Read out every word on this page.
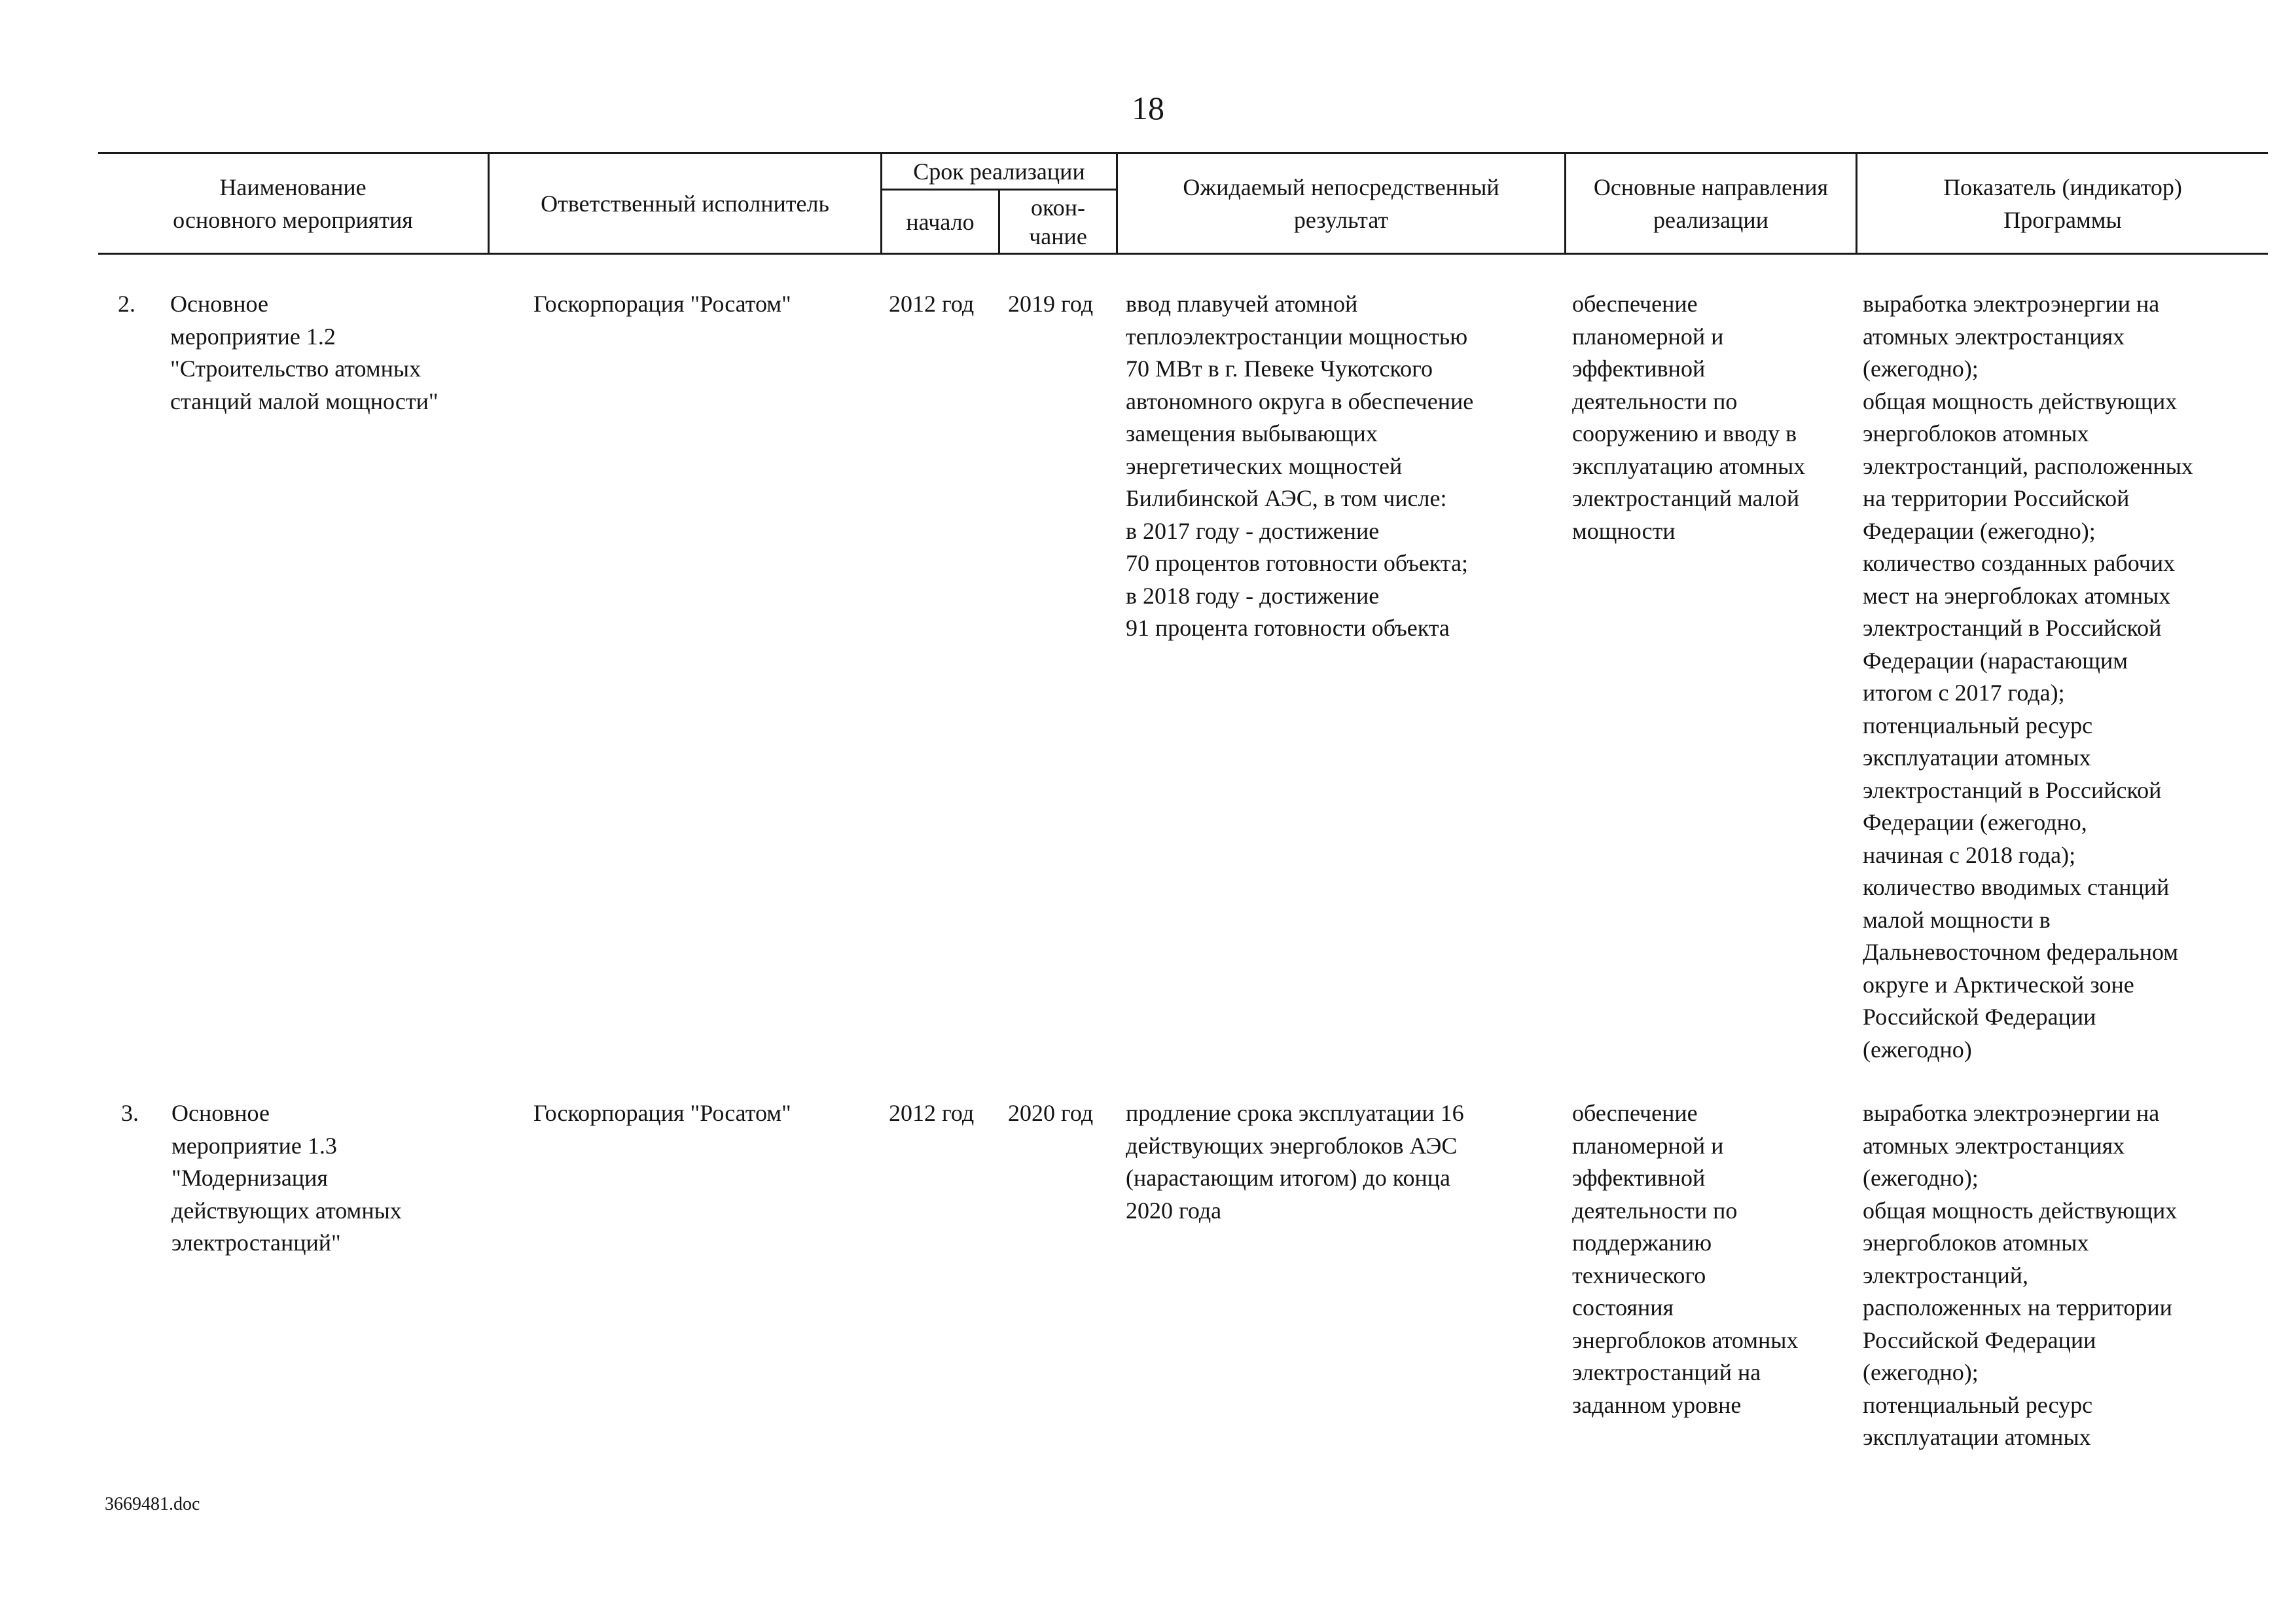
18
Наименование
основного мероприятия
Ответственный исполнитель
Срок реализации
начало
окон-
чание
Ожидаемый непосредственный
результат
Основные направления
реализации
Показатель (индикатор)
Программы
2. Основное
мероприятие 1.2
"Строительство атомных
станций малой мощности"
Госкорпорация "Росатом"	2012 год 2019 год ввод плавучей атомной
теплоэлектростанции мощностью
70 МВт в г. Певеке Чукотского
автономного округа в обеспечение
замещения выбывающих
энергетических мощностей
Билибинской АЭС, в том числе:
в 2017 году - достижение
70 процентов готовности объекта;
в 2018 году - достижение
91 процента готовности объекта
обеспечение
планомерной и
эффективной
деятельности по
сооружению и вводу в
эксплуатацию атомных
электростанций малой
мощности
выработка электроэнергии на
атомных электростанциях
(ежегодно);
общая мощность действующих
энергоблоков атомных
электростанций, расположенных
на территории Российской
Федерации (ежегодно);
количество созданных рабочих
мест на энергоблоках атомных
электростанций в Российской
Федерации (нарастающим
итогом с 2017 года);
потенциальный ресурс
эксплуатации атомных
электростанций в Российской
Федерации (ежегодно,
начиная с 2018 года);
количество вводимых станций
малой мощности в
Дальневосточном федеральном
округе и Арктической зоне
Российской Федерации
(ежегодно)
3. Основное
мероприятие 1.3
"Модернизация
действующих атомных
электростанций"
Госкорпорация "Росатом"	2012 год 2020 год продление срока эксплуатации 16
действующих энергоблоков АЭС
(нарастающим итогом) до конца
2020 года
обеспечение
планомерной и
эффективной
деятельности по
поддержанию
технического
состояния
энергоблоков атомных
электростанций на
заданном уровне
выработка электроэнергии на
атомных электростанциях
(ежегодно);
общая мощность действующих
энергоблоков атомных
электростанций,
расположенных на территории
Российской Федерации
(ежегодно);
потенциальный ресурс
эксплуатации атомных
3669481.doc
